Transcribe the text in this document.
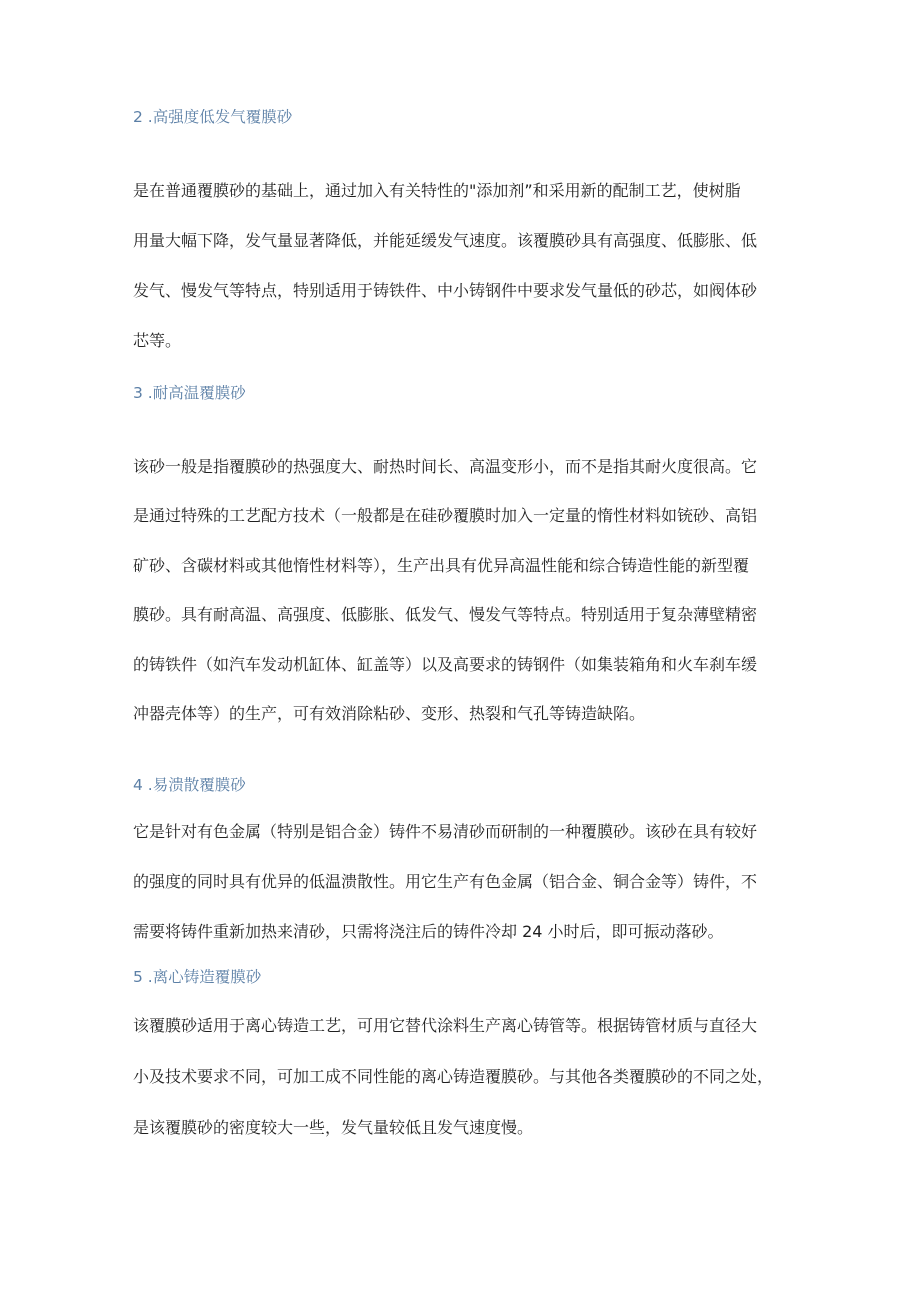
2 .高强度低发气覆膜砂
是在普通覆膜砂的基础上，通过加入有关特性的"添加剂”和采用新的配制工艺，使树脂
用量大幅下降，发气量显著降低，并能延缓发气速度。该覆膜砂具有高强度、低膨胀、低
发气、慢发气等特点，特别适用于铸铁件、中小铸钢件中要求发气量低的砂芯，如阀体砂
芯等。
3 .耐高温覆膜砂
该砂一般是指覆膜砂的热强度大、耐热时间长、高温变形小，而不是指其耐火度很高。它
是通过特殊的工艺配方技术（一般都是在硅砂覆膜时加入一定量的惰性材料如铳砂、高铝
矿砂、含碳材料或其他惰性材料等），生产出具有优异高温性能和综合铸造性能的新型覆
膜砂。具有耐高温、高强度、低膨胀、低发气、慢发气等特点。特别适用于复杂薄壁精密
的铸铁件（如汽车发动机缸体、缸盖等）以及高要求的铸钢件（如集装箱角和火车刹车缓
冲器壳体等）的生产，可有效消除粘砂、变形、热裂和气孔等铸造缺陷。
4 .易溃散覆膜砂
它是针对有色金属（特别是铝合金）铸件不易清砂而研制的一种覆膜砂。该砂在具有较好
的强度的同时具有优异的低温溃散性。用它生产有色金属（铝合金、铜合金等）铸件，不
需要将铸件重新加热来清砂，只需将浇注后的铸件冷却 24 小时后，即可振动落砂。
5 .离心铸造覆膜砂
该覆膜砂适用于离心铸造工艺，可用它替代涂料生产离心铸管等。根据铸管材质与直径大
小及技术要求不同，可加工成不同性能的离心铸造覆膜砂。与其他各类覆膜砂的不同之处，
是该覆膜砂的密度较大一些，发气量较低且发气速度慢。
